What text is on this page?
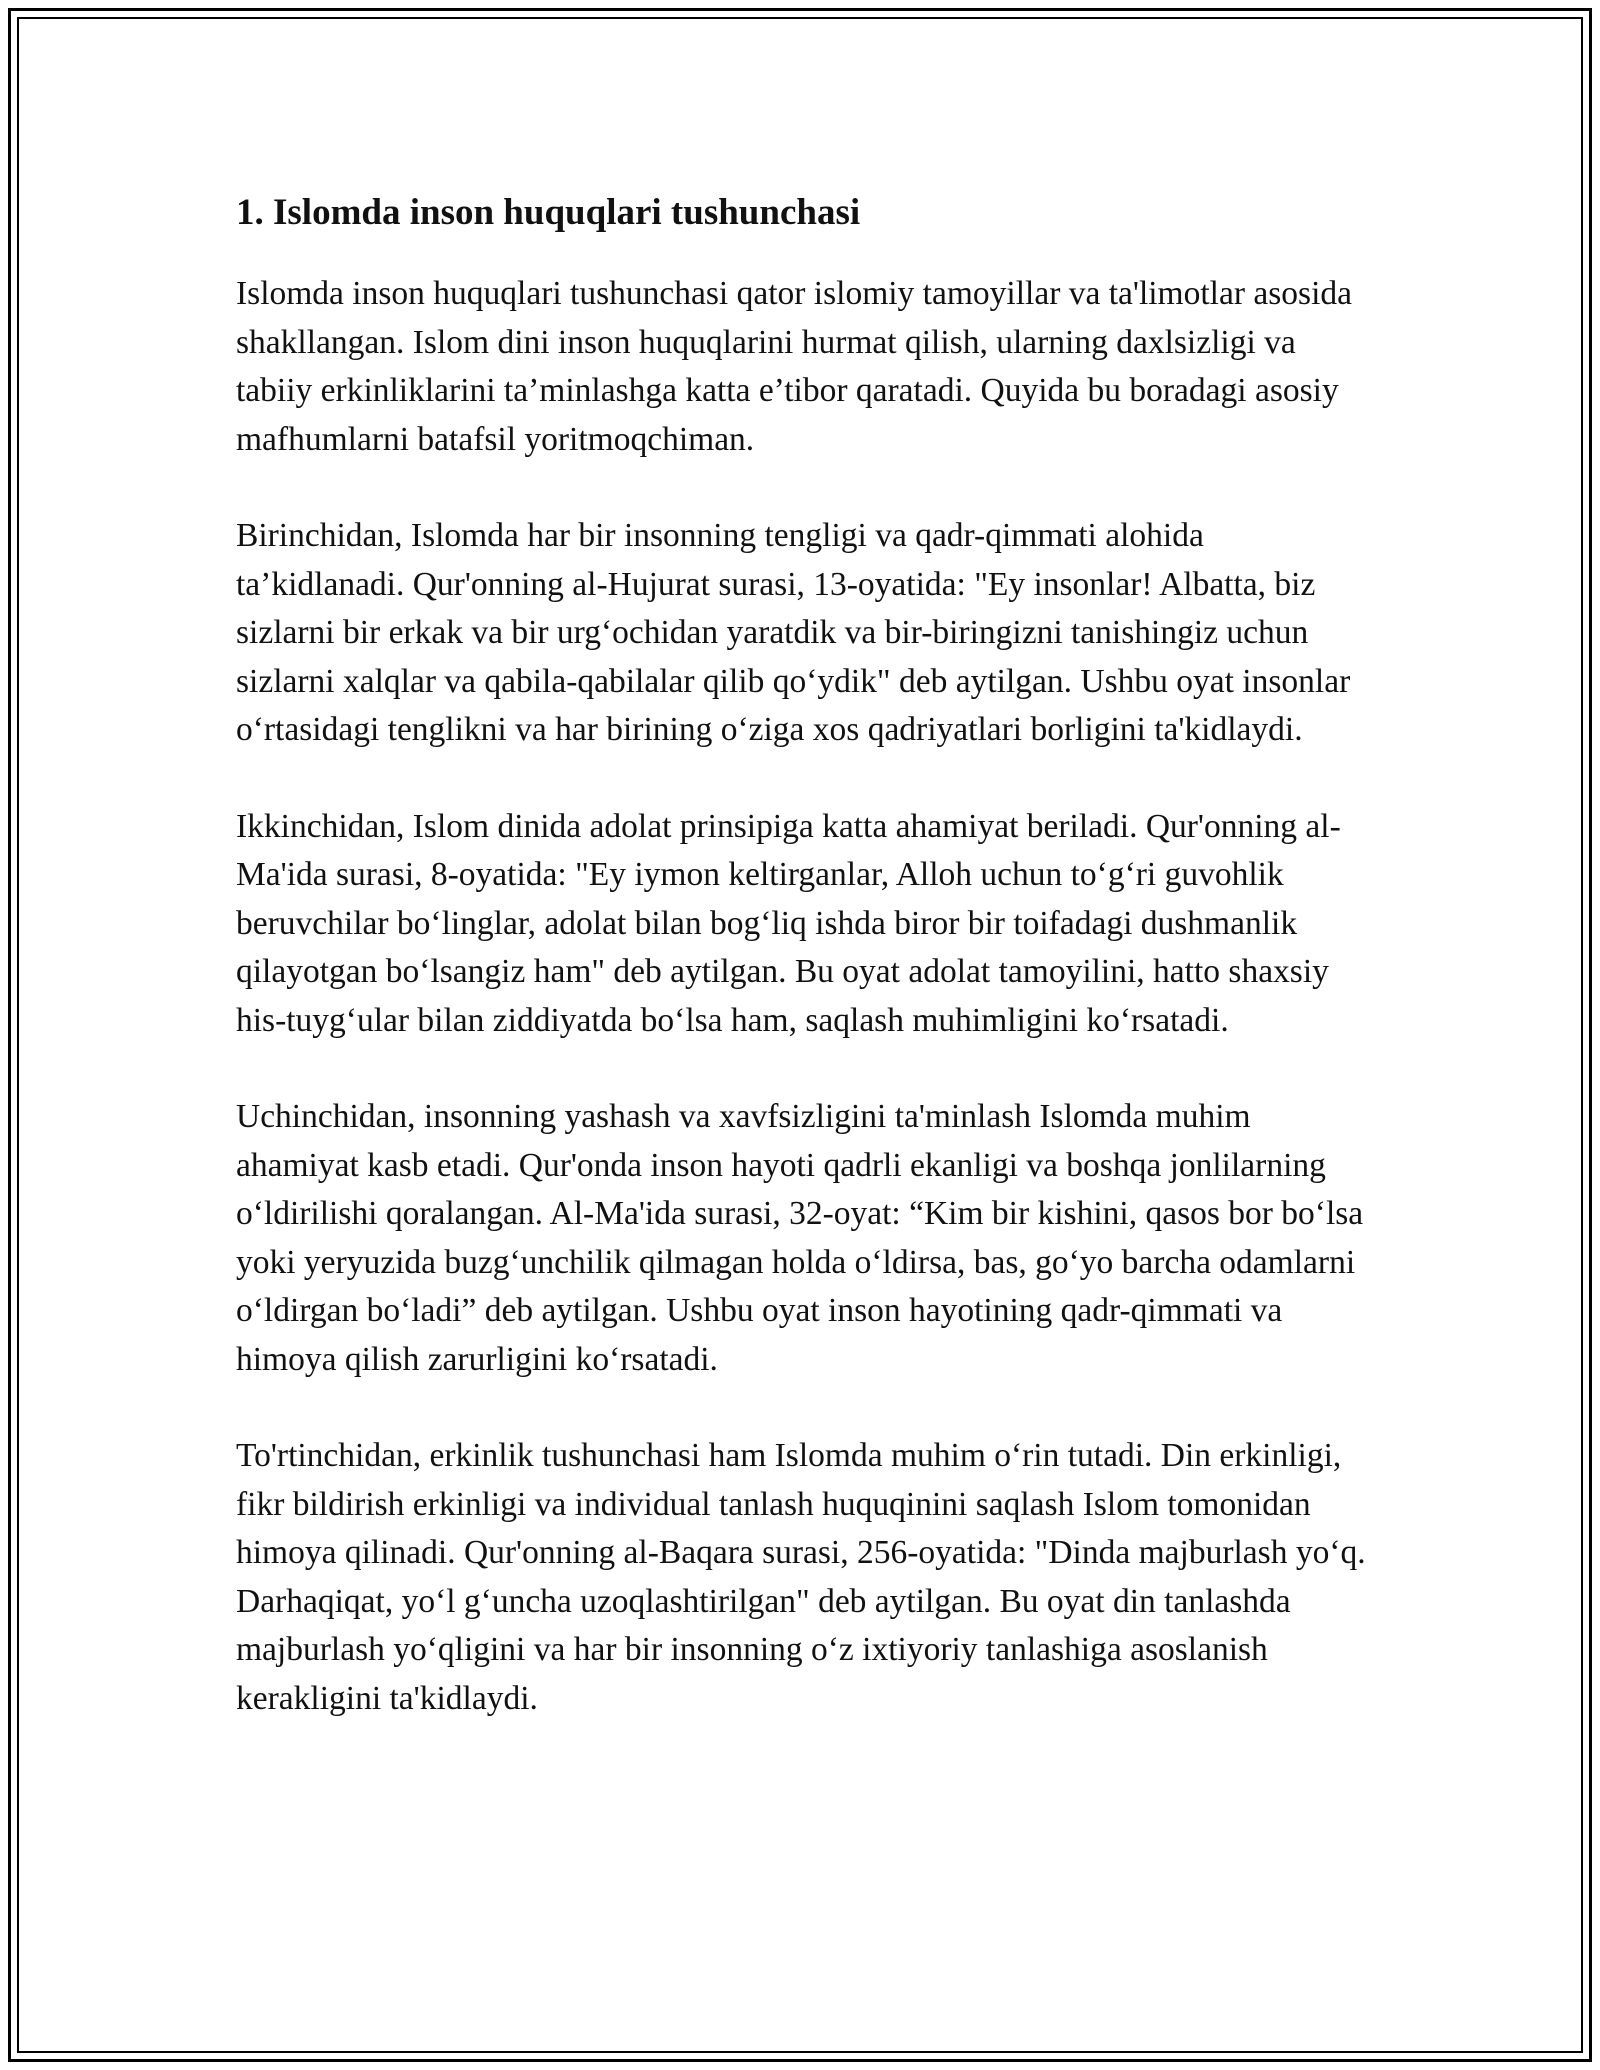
1. Islomda inson huquqlari tushunchasi

Islomda inson huquqlari tushunchasi qator islomiy tamoyillar va ta'limotlar asosida shakllangan. Islom dini inson huquqlarini hurmat qilish, ularning daxlsizligi va tabiiy erkinliklarini ta’minlashga katta e’tibor qaratadi. Quyida bu boradagi asosiy mafhumlarni batafsil yoritmoqchiman.

Birinchidan, Islomda har bir insonning tengligi va qadr-qimmati alohida ta’kidlanadi. Qur'onning al-Hujurat surasi, 13-oyatida: "Ey insonlar! Albatta, biz sizlarni bir erkak va bir urg‘ochidan yaratdik va bir-biringizni tanishingiz uchun sizlarni xalqlar va qabila-qabilalar qilib qo‘ydik" deb aytilgan. Ushbu oyat insonlar o‘rtasidagi tenglikni va har birining o‘ziga xos qadriyatlari borligini ta'kidlaydi.

Ikkinchidan, Islom dinida adolat prinsipiga katta ahamiyat beriladi. Qur'onning al-Ma'ida surasi, 8-oyatida: "Ey iymon keltirganlar, Alloh uchun to‘g‘ri guvohlik beruvchilar bo‘linglar, adolat bilan bog‘liq ishda biror bir toifadagi dushmanlik qilayotgan bo‘lsangiz ham" deb aytilgan. Bu oyat adolat tamoyilini, hatto shaxsiy his-tuyg‘ular bilan ziddiyatda bo‘lsa ham, saqlash muhimligini ko‘rsatadi.

Uchinchidan, insonning yashash va xavfsizligini ta'minlash Islomda muhim ahamiyat kasb etadi. Qur'onda inson hayoti qadrli ekanligi va boshqa jonlilarning o‘ldirilishi qoralangan. Al-Ma'ida surasi, 32-oyat: “Kim bir kishini, qasos bor bo‘lsa yoki yeryuzida buzg‘unchilik qilmagan holda o‘ldirsa, bas, go‘yo barcha odamlarni o‘ldirgan bo‘ladi” deb aytilgan. Ushbu oyat inson hayotining qadr-qimmati va himoya qilish zarurligini ko‘rsatadi.

To'rtinchidan, erkinlik tushunchasi ham Islomda muhim o‘rin tutadi. Din erkinligi, fikr bildirish erkinligi va individual tanlash huquqinini saqlash Islom tomonidan himoya qilinadi. Qur'onning al-Baqara surasi, 256-oyatida: "Dinda majburlash yo‘q. Darhaqiqat, yo‘l g‘uncha uzoqlashtirilgan" deb aytilgan. Bu oyat din tanlashda majburlash yo‘qligini va har bir insonning o‘z ixtiyoriy tanlashiga asoslanish kerakligini ta'kidlaydi.
